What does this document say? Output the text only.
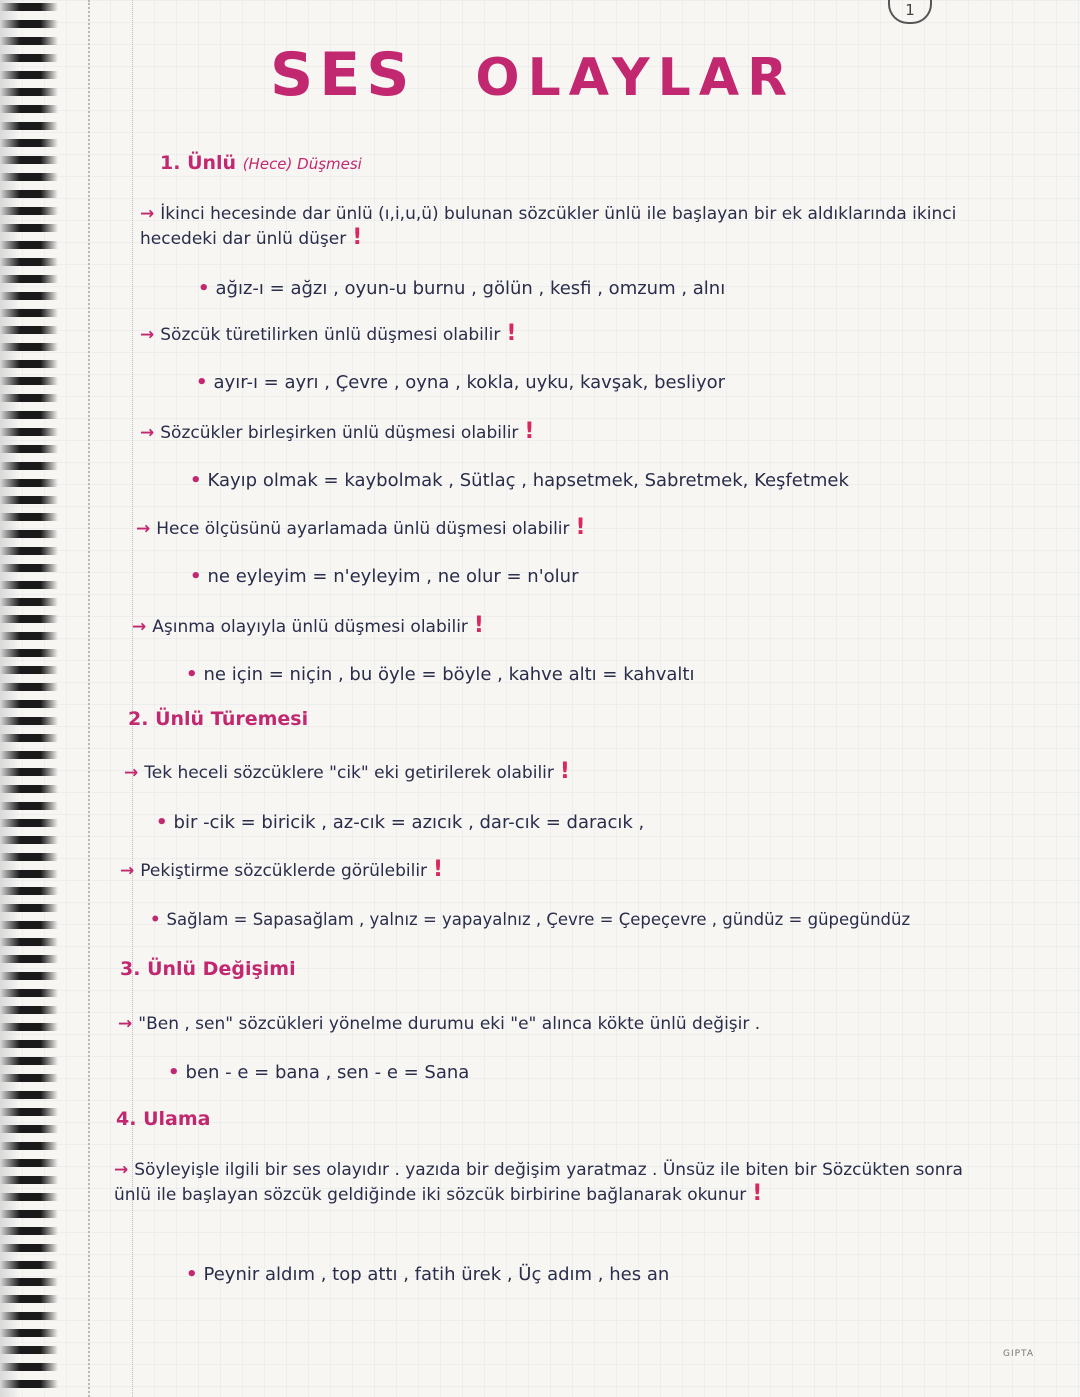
1
SES OLAYLAR
1. Ünlü (Hece) Düşmesi
→ İkinci hecesinde dar ünlü (ı,i,u,ü) bulunan sözcükler ünlü ile başlayan bir ek aldıklarında ikinci hecedeki dar ünlü düşer !
• ağız-ı = ağzı , oyun-u burnu , gölün , kesfi , omzum , alnı
→ Sözcük türetilirken ünlü düşmesi olabilir !
• ayır-ı = ayrı , Çevre , oyna , kokla, uyku, kavşak, besliyor
→ Sözcükler birleşirken ünlü düşmesi olabilir !
• Kayıp olmak = kaybolmak , Sütlaç , hapsetmek, Sabretmek, Keşfetmek
→ Hece ölçüsünü ayarlamada ünlü düşmesi olabilir !
• ne eyleyim = n'eyleyim , ne olur = n'olur
→ Aşınma olayıyla ünlü düşmesi olabilir !
• ne için = niçin , bu öyle = böyle , kahve altı = kahvaltı
2. Ünlü Türemesi
→ Tek heceli sözcüklere "cik" eki getirilerek olabilir !
• bir -cik = biricik , az-cık = azıcık , dar-cık = daracık ,
→ Pekiştirme sözcüklerde görülebilir !
• Sağlam = Sapasağlam , yalnız = yapayalnız , Çevre = Çepeçevre , gündüz = güpegündüz
3. Ünlü Değişimi
→ "Ben , sen" sözcükleri yönelme durumu eki "e" alınca kökte ünlü değişir .
• ben - e = bana , sen - e = Sana
4. Ulama
→ Söyleyişle ilgili bir ses olayıdır . yazıda bir değişim yaratmaz . Ünsüz ile biten bir Sözcükten sonra ünlü ile başlayan sözcük geldiğinde iki sözcük birbirine bağlanarak okunur !
• Peynir aldım , top attı , fatih ürek , Üç adım , hes an
GIPTA
